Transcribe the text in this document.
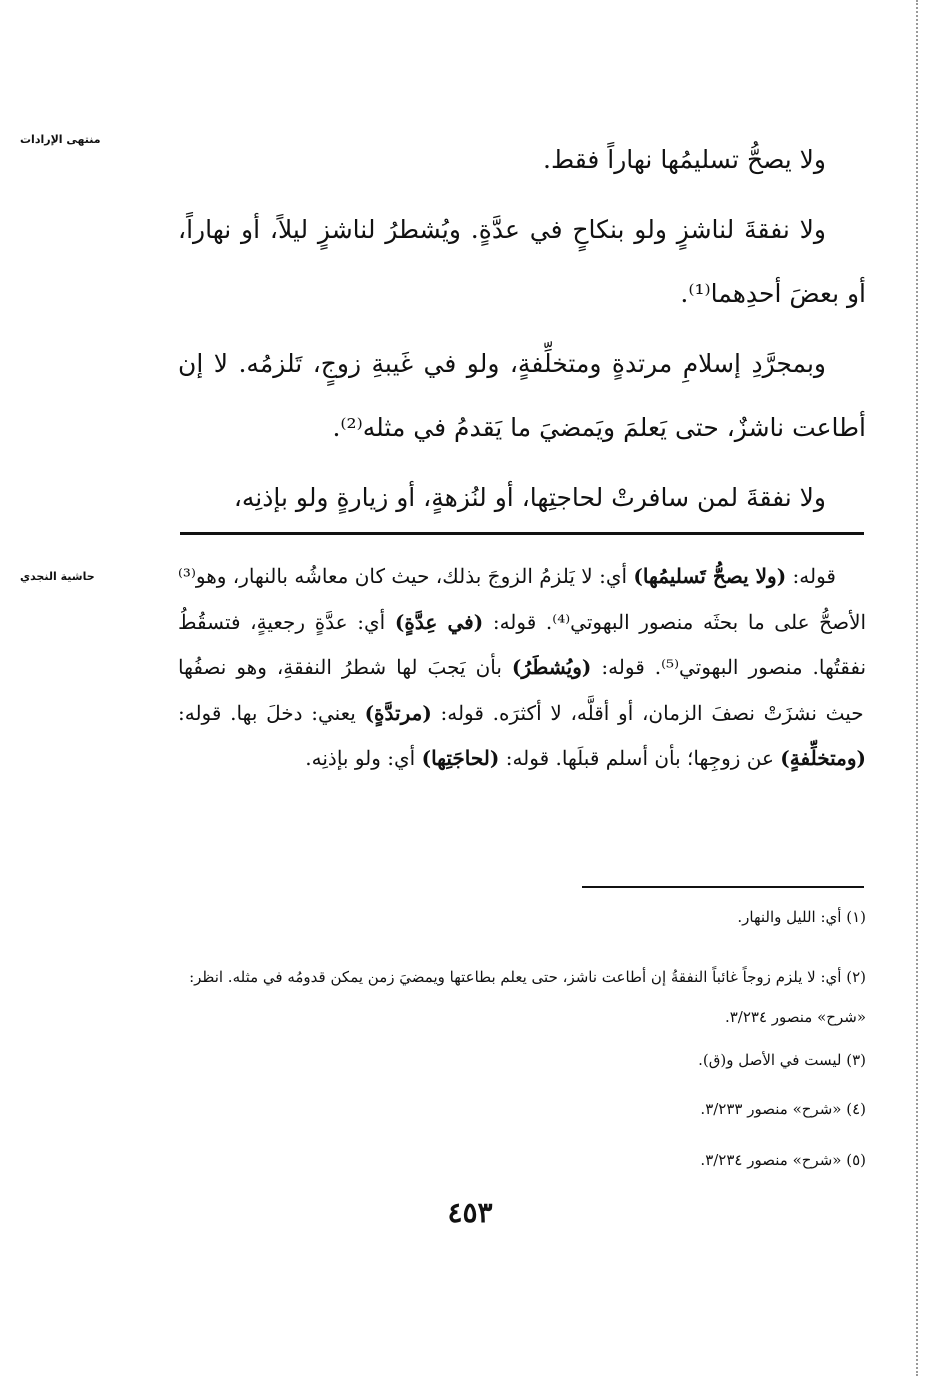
منتهى الإرادات
حاشية النجدي

ولا يصحُّ تسليمُها نهاراً فقط.

ولا نفقةَ لناشزٍ ولو بنكاحٍ في عدَّةٍ. ويُشطرُ لناشزٍ ليلاً، أو نهاراً، أو بعضَ أحدِهما⁽¹⁾.

وبمجرَّدِ إسلامِ مرتدةٍ ومتخلِّفةٍ، ولو في غَيبةِ زوجٍ، تَلزمُه. لا إن أطاعت ناشزٌ، حتى يَعلمَ ويَمضيَ ما يَقدمُ في مثله⁽²⁾.

ولا نفقةَ لمن سافرتْ لحاجتِها، أو لنُزهةٍ، أو زيارةٍ ولو بإذنِه،

قوله: (ولا يصحُّ تَسليمُها) أي: لا يَلزمُ الزوجَ بذلك، حيث كان معاشُه بالنهار، وهو⁽³⁾ الأصحُّ على ما بحثَه منصور البهوتي⁽⁴⁾. قوله: (في عِدَّةٍ) أي: عدَّةٍ رجعيةٍ، فتسقُطُ نفقتُها. منصور البهوتي⁽⁵⁾. قوله: (ويُشطَرُ) بأن يَجبَ لها شطرُ النفقةِ، وهو نصفُها حيث نشزَتْ نصفَ الزمان، أو أقلَّه، لا أكثرَه. قوله: (مرتدَّةٍ) يعني: دخلَ بها. قوله: (ومتخلِّفةٍ) عن زوجِها؛ بأن أسلم قبلَها. قوله: (لحاجَتِها) أي: ولو بإذنِه.

(١) أي: الليل والنهار.
(٢) أي: لا يلزم زوجاً غائباً النفقةُ إن أطاعت ناشز، حتى يعلم بطاعتها ويمضيَ زمن يمكن قدومُه في مثله. انظر: «شرح» منصور ٣/٢٣٤.
(٣) ليست في الأصل و(ق).
(٤) «شرح» منصور ٣/٢٣٣.
(٥) «شرح» منصور ٣/٢٣٤.
٤٥٣
